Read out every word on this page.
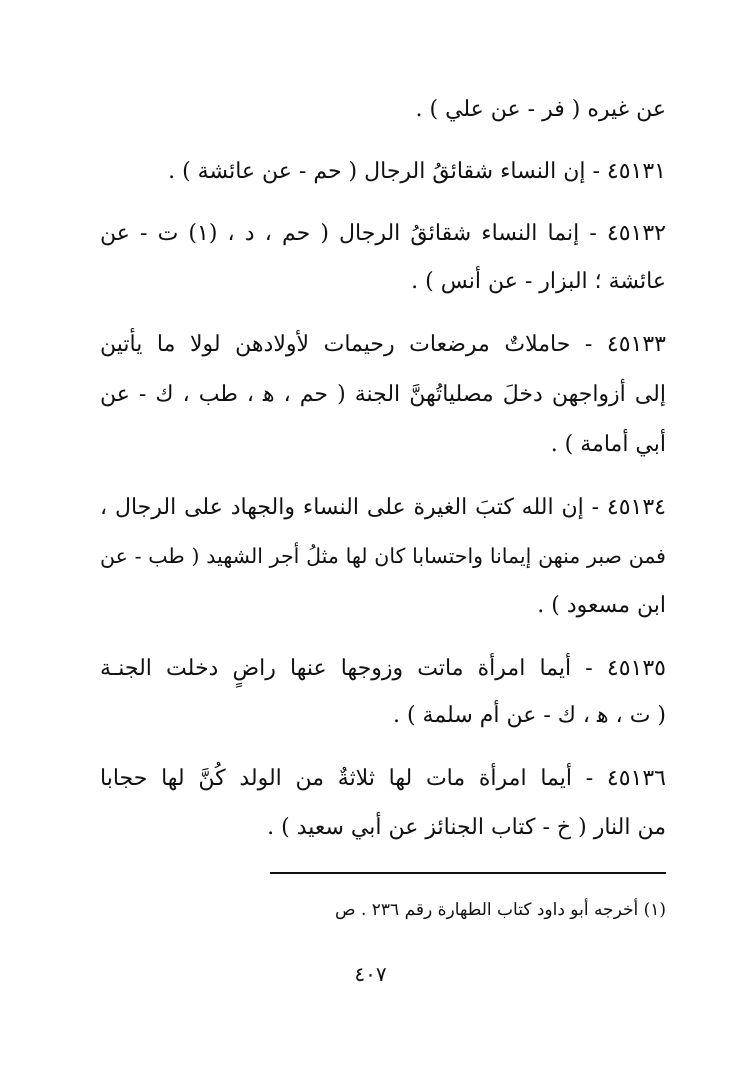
عن غيره ( فر - عن علي ) .
٤٥١٣١ - إن النساء شقائقُ الرجال ( حم - عن عائشة ) .
٤٥١٣٢ - إنما النساء شقائقُ الرجال ( حم ، د ، (١) ت - عن
عائشة ؛ البزار - عن أنس ) .
٤٥١٣٣ - حاملاتٌ مرضعات رحيمات لأولادهن لولا ما يأتين
إلى أزواجهن دخلَ مصلياتُهنَّ الجنة ( حم ، ﻫ ، طب ، ك - عن
أبي أمامة ) .
٤٥١٣٤ - إن الله كتبَ الغيرة على النساء والجهاد على الرجال ،
فمن صبر منهن إيمانا واحتسابا كان لها مثلُ أجر الشهيد ( طب - عن
ابن مسعود ) .
٤٥١٣٥ - أيما امرأة ماتت وزوجها عنها راضٍ دخلت الجنـة
( ت ، ﻫ ، ك - عن أم سلمة ) .
٤٥١٣٦ - أيما امرأة مات لها ثلاثةٌ من الولد كُنَّ لها حجابا
من النار ( خ - كتاب الجنائز عن أبي سعيد ) .
(١) أخرجه أبو داود كتاب الطهارة رقم ٢٣٦ . ص
٤٠٧
